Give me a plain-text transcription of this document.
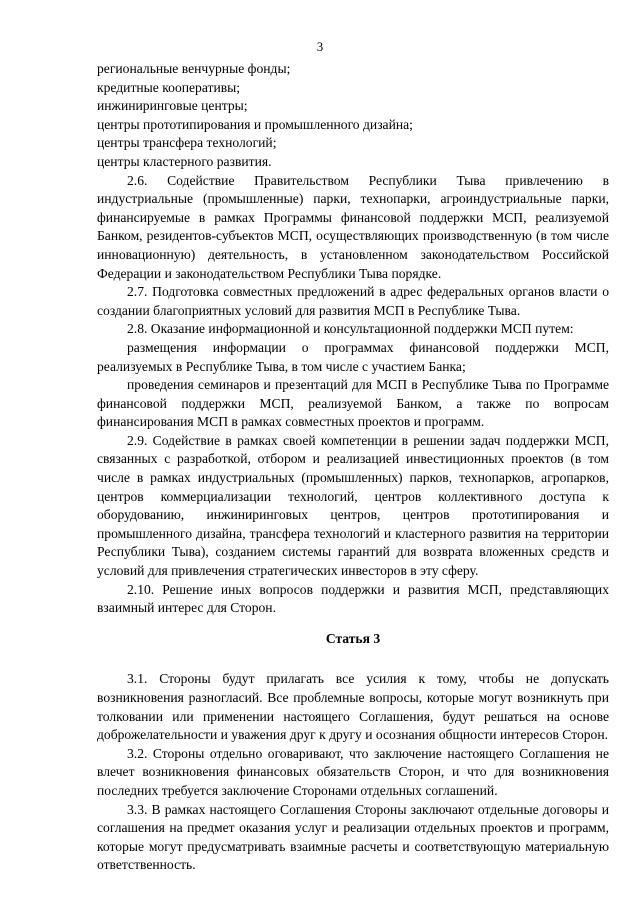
3

региональные венчурные фонды;

кредитные кооперативы;

инжиниринговые центры;

центры прототипирования и промышленного дизайна;

центры трансфера технологий;

центры кластерного развития.

2.6. Содействие Правительством Республики Тыва привлечению в индустриальные (промышленные) парки, технопарки, агроиндустриальные парки, финансируемые в рамках Программы финансовой поддержки МСП, реализуемой Банком, резидентов-субъектов МСП, осуществляющих производственную (в том числе инновационную) деятельность, в установленном законодательством Российской Федерации и законодательством Республики Тыва порядке.

2.7. Подготовка совместных предложений в адрес федеральных органов власти о создании благоприятных условий для развития МСП в Республике Тыва.

2.8. Оказание информационной и консультационной поддержки МСП путем:

размещения информации о программах финансовой поддержки МСП, реализуемых в Республике Тыва, в том числе с участием Банка;

проведения семинаров и презентаций для МСП в Республике Тыва по Программе финансовой поддержки МСП, реализуемой Банком, а также по вопросам финансирования МСП в рамках совместных проектов и программ.

2.9. Содействие в рамках своей компетенции в решении задач поддержки МСП, связанных с разработкой, отбором и реализацией инвестиционных проектов (в том числе в рамках индустриальных (промышленных) парков, технопарков, агропарков, центров коммерциализации технологий, центров коллективного доступа к оборудованию, инжиниринговых центров, центров прототипирования и промышленного дизайна, трансфера технологий и кластерного развития на территории Республики Тыва), созданием системы гарантий для возврата вложенных средств и условий для привлечения стратегических инвесторов в эту сферу.

2.10. Решение иных вопросов поддержки и развития МСП, представляющих взаимный интерес для Сторон.

Статья 3

3.1. Стороны будут прилагать все усилия к тому, чтобы не допускать возникновения разногласий. Все проблемные вопросы, которые могут возникнуть при толковании или применении настоящего Соглашения, будут решаться на основе доброжелательности и уважения друг к другу и осознания общности интересов Сторон.

3.2. Стороны отдельно оговаривают, что заключение настоящего Соглашения не влечет возникновения финансовых обязательств Сторон, и что для возникновения последних требуется заключение Сторонами отдельных соглашений.

3.3. В рамках настоящего Соглашения Стороны заключают отдельные договоры и соглашения на предмет оказания услуг и реализации отдельных проектов и программ, которые могут предусматривать взаимные расчеты и соответствующую материальную ответственность.
